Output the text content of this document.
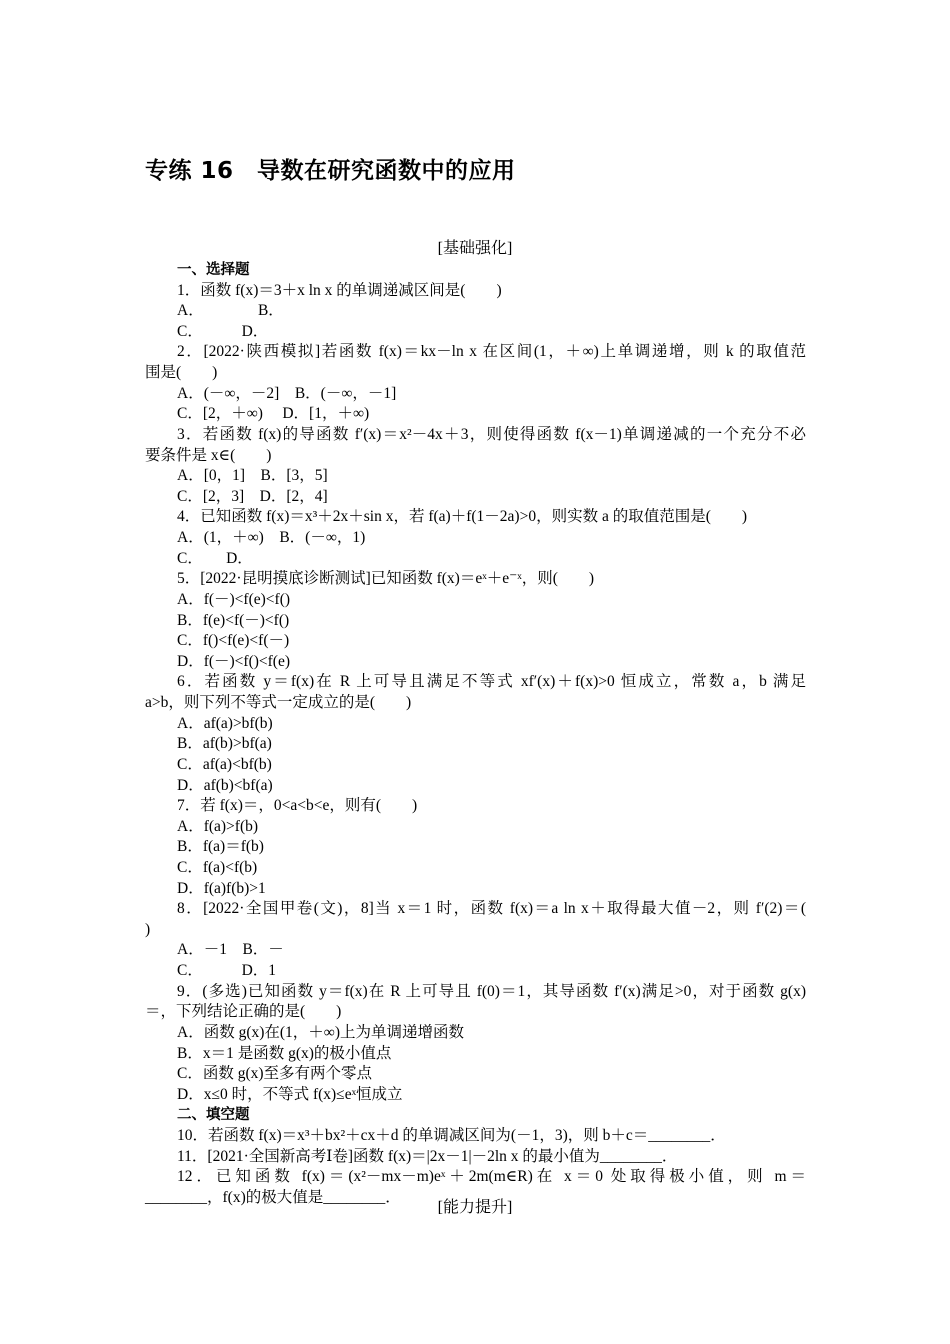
专练 16　导数在研究函数中的应用
[基础强化]
一、选择题
1．函数 f(x)＝3＋x ln x 的单调递减区间是(　　)
A．　　　　B．
C．　　　D．
2．[2022·陕西模拟]若函数 f(x)＝kx－ln x 在区间(1，＋∞)上单调递增，则 k 的取值范
围是(　　)
A．(－∞，－2]　B．(－∞，－1]
C．[2，＋∞)　 D．[1，＋∞)
3．若函数 f(x)的导函数 f′(x)＝x²－4x＋3，则使得函数 f(x－1)单调递减的一个充分不必
要条件是 x∈(　　)
A．[0，1]　B．[3，5]
C．[2，3]　D．[2，4]
4．已知函数 f(x)＝x³＋2x＋sin x，若 f(a)＋f(1－2a)>0，则实数 a 的取值范围是(　　)
A．(1，＋∞)　B．(－∞，1)
C．　　D．
5．[2022·昆明摸底诊断测试]已知函数 f(x)＝eˣ＋e⁻ˣ，则(　　)
A．f(－)<f(e)<f()
B．f(e)<f(－)<f()
C．f()<f(e)<f(－)
D．f(－)<f()<f(e)
6．若函数 y＝f(x)在 R 上可导且满足不等式 xf′(x)＋f(x)>0 恒成立，常数 a，b 满足
a>b，则下列不等式一定成立的是(　　)
A．af(a)>bf(b)
B．af(b)>bf(a)
C．af(a)<bf(b)
D．af(b)<bf(a)
7．若 f(x)＝，0<a<b<e，则有(　　)
A．f(a)>f(b)
B．f(a)＝f(b)
C．f(a)<f(b)
D．f(a)f(b)>1
8．[2022·全国甲卷(文)，8]当 x＝1 时，函数 f(x)＝a ln x＋取得最大值－2，则 f′(2)＝(
)
A．－1　B．－
C．　　　D．1
9．(多选)已知函数 y＝f(x)在 R 上可导且 f(0)＝1，其导函数 f′(x)满足>0，对于函数 g(x)
＝，下列结论正确的是(　　)
A．函数 g(x)在(1，＋∞)上为单调递增函数
B．x＝1 是函数 g(x)的极小值点
C．函数 g(x)至多有两个零点
D．x≤0 时，不等式 f(x)≤eˣ恒成立
二、填空题
10．若函数 f(x)＝x³＋bx²＋cx＋d 的单调减区间为(－1，3)，则 b＋c＝________．
11．[2021·全国新高考Ⅰ卷]函数 f(x)＝|2x－1|－2ln x 的最小值为________．
12．已知函数 f(x)＝(x²－mx－m)eˣ＋2m(m∈R)在 x＝0 处取得极小值，则 m＝
________，f(x)的极大值是________．
[能力提升]
